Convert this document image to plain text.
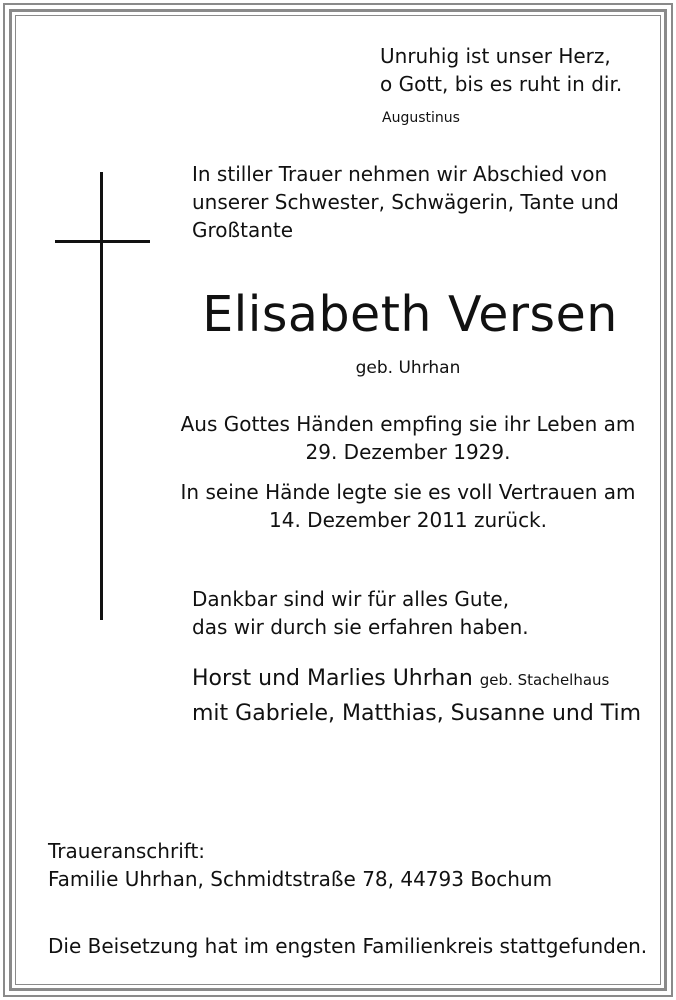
Unruhig ist unser Herz,
o Gott, bis es ruht in dir.
Augustinus
In stiller Trauer nehmen wir Abschied von
unserer Schwester, Schwägerin, Tante und
Großtante
Elisabeth Versen
geb. Uhrhan
Aus Gottes Händen empfing sie ihr Leben am
29. Dezember 1929.
In seine Hände legte sie es voll Vertrauen am
14. Dezember 2011 zurück.
Dankbar sind wir für alles Gute,
das wir durch sie erfahren haben.
Horst und Marlies Uhrhan geb. Stachelhaus
mit Gabriele, Matthias, Susanne und Tim
Traueranschrift:
Familie Uhrhan, Schmidtstraße 78, 44793 Bochum
Die Beisetzung hat im engsten Familienkreis stattgefunden.
